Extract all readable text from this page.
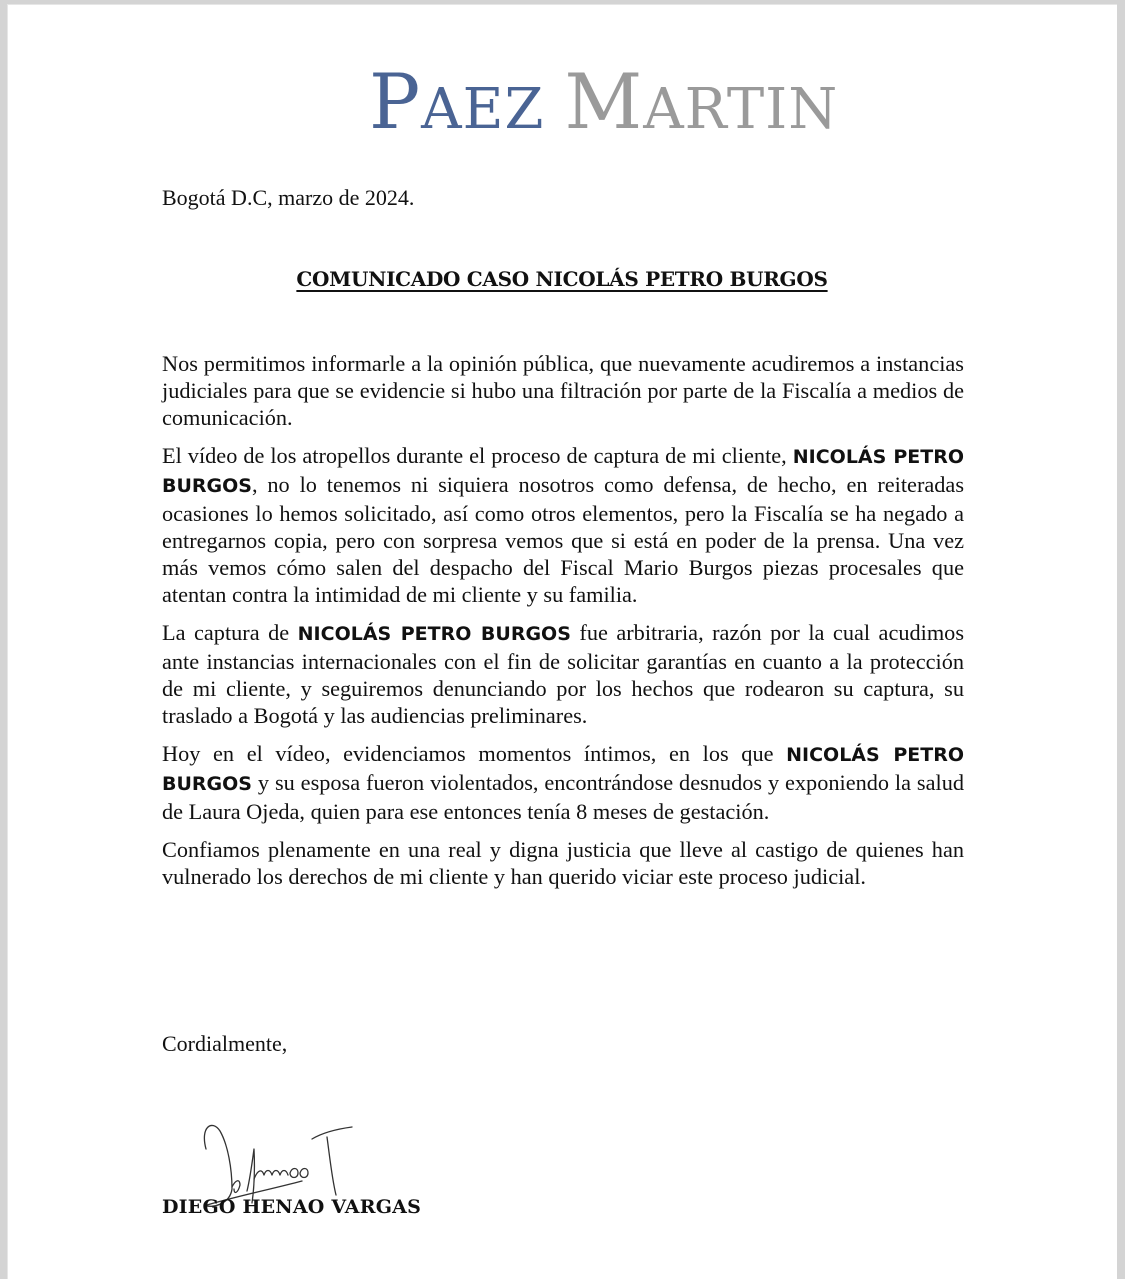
PAEZ MARTIN
Bogotá D.C, marzo de 2024.
COMUNICADO CASO NICOLÁS PETRO BURGOS

Nos permitimos informarle a la opinión pública, que nuevamente acudiremos a instancias judiciales para que se evidencie si hubo una filtración por parte de la Fiscalía a medios de comunicación.

El vídeo de los atropellos durante el proceso de captura de mi cliente, NICOLÁS PETRO BURGOS, no lo tenemos ni siquiera nosotros como defensa, de hecho, en reiteradas ocasiones lo hemos solicitado, así como otros elementos, pero la Fiscalía se ha negado a entregarnos copia, pero con sorpresa vemos que si está en poder de la prensa. Una vez más vemos cómo salen del despacho del Fiscal Mario Burgos piezas procesales que atentan contra la intimidad de mi cliente y su familia.

La captura de NICOLÁS PETRO BURGOS fue arbitraria, razón por la cual acudimos ante instancias internacionales con el fin de solicitar garantías en cuanto a la protección de mi cliente, y seguiremos denunciando por los hechos que rodearon su captura, su traslado a Bogotá y las audiencias preliminares.

Hoy en el vídeo, evidenciamos momentos íntimos, en los que NICOLÁS PETRO BURGOS y su esposa fueron violentados, encontrándose desnudos y exponiendo la salud de Laura Ojeda, quien para ese entonces tenía 8 meses de gestación.

Confiamos plenamente en una real y digna justicia que lleve al castigo de quienes han vulnerado los derechos de mi cliente y han querido viciar este proceso judicial.

Cordialmente,
DIEGO HENAO VARGAS
